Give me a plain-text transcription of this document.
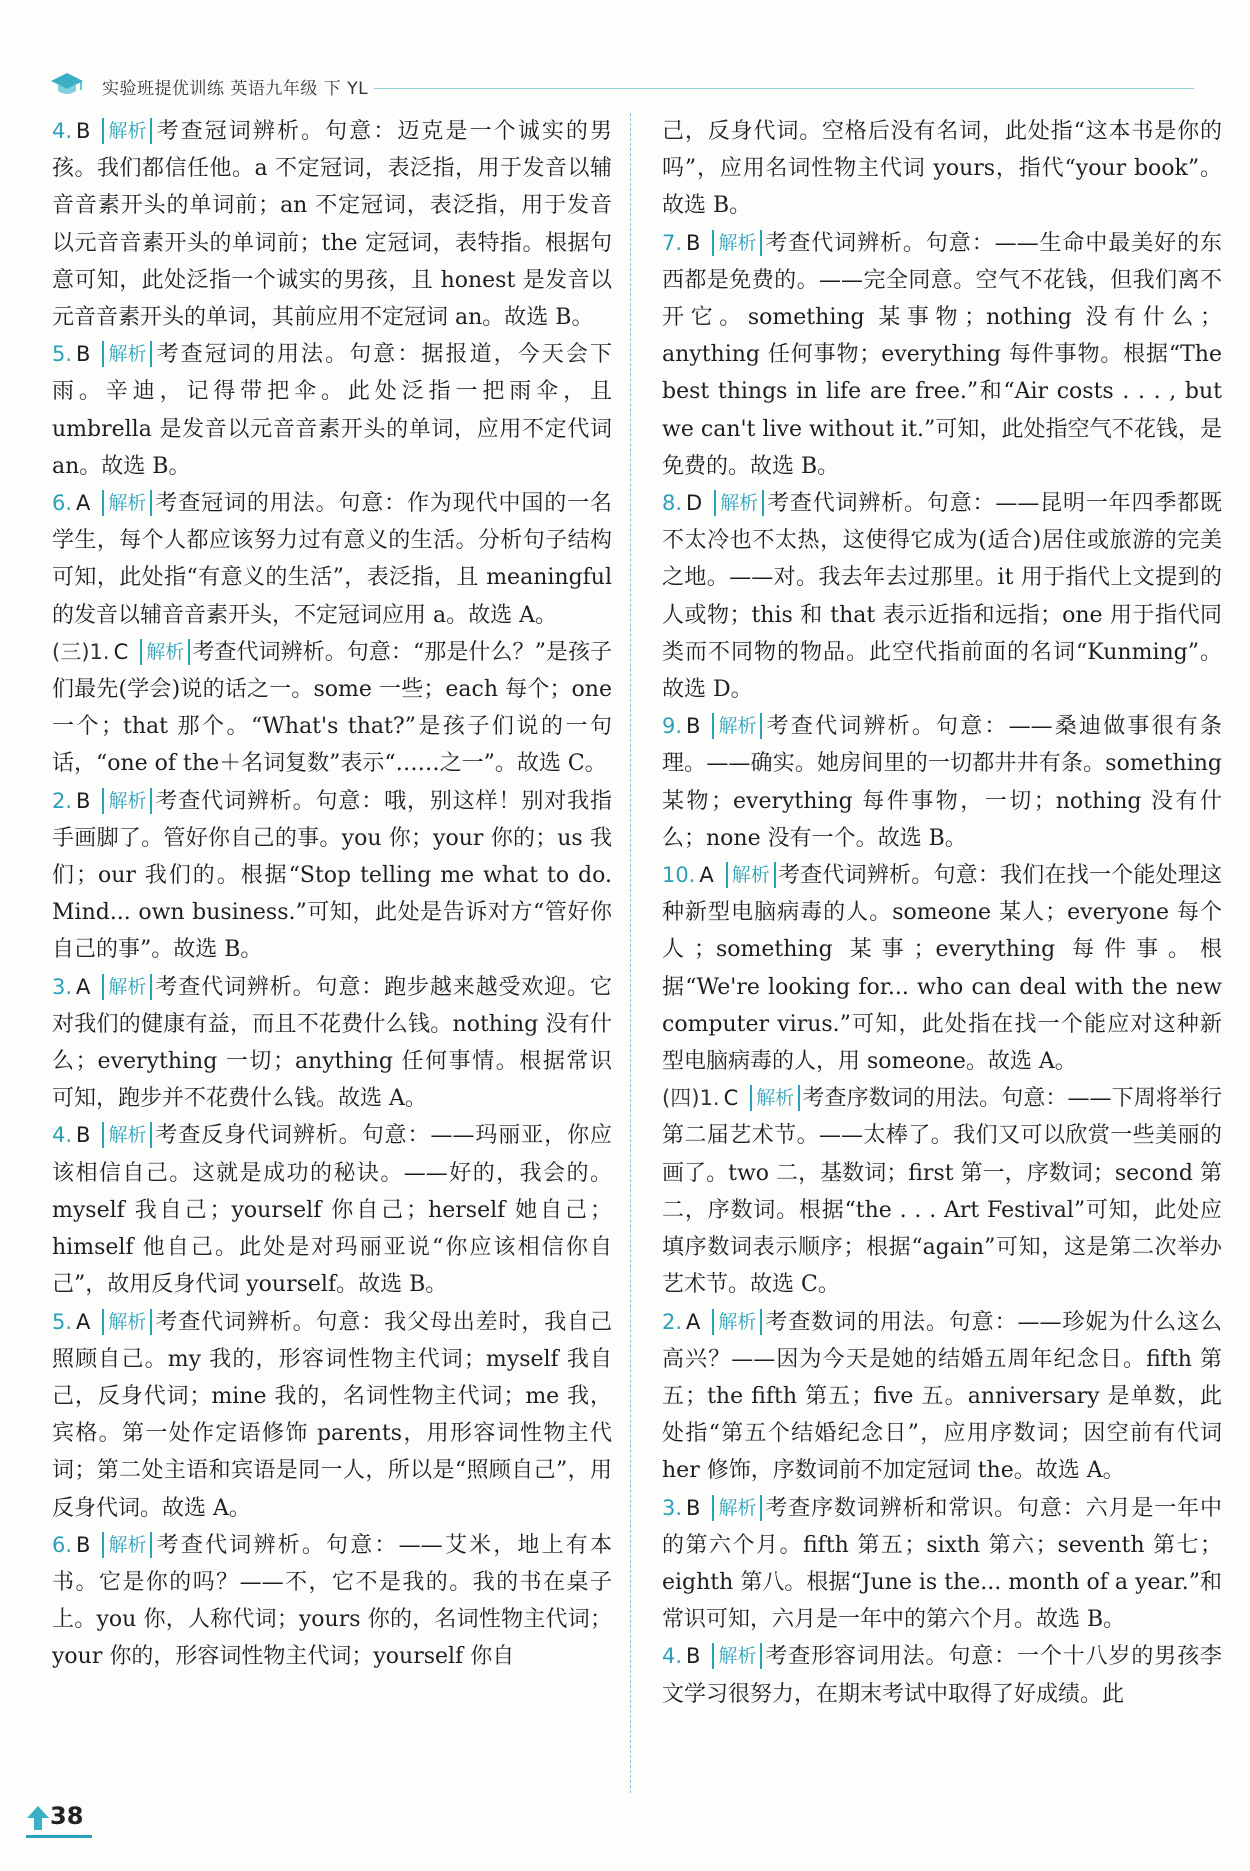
实验班提优训练 英语九年级 下 YL

4. B 解析 考查冠词辨析。句意：迈克是一个诚实的男孩。我们都信任他。a 不定冠词，表泛指，用于发音以辅音音素开头的单词前；an 不定冠词，表泛指，用于发音以元音音素开头的单词前；the 定冠词，表特指。根据句意可知，此处泛指一个诚实的男孩，且 honest 是发音以元音音素开头的单词，其前应用不定冠词 an。故选 B。

5. B 解析 考查冠词的用法。句意：据报道，今天会下雨。辛迪，记得带把伞。此处泛指一把雨伞，且 umbrella 是发音以元音音素开头的单词，应用不定代词 an。故选 B。

6. A 解析 考查冠词的用法。句意：作为现代中国的一名学生，每个人都应该努力过有意义的生活。分析句子结构可知，此处指“有意义的生活”，表泛指，且 meaningful 的发音以辅音音素开头，不定冠词应用 a。故选 A。

(三)1. C 解析 考查代词辨析。句意：“那是什么？”是孩子们最先(学会)说的话之一。some 一些；each 每个；one 一个；that 那个。“What's that?”是孩子们说的一句话，“one of the＋名词复数”表示“……之一”。故选 C。

2. B 解析 考查代词辨析。句意：哦，别这样！别对我指手画脚了。管好你自己的事。you 你；your 你的；us 我们；our 我们的。根据“Stop telling me what to do. Mind... own business.”可知，此处是告诉对方“管好你自己的事”。故选 B。

3. A 解析 考查代词辨析。句意：跑步越来越受欢迎。它对我们的健康有益，而且不花费什么钱。nothing 没有什么；everything 一切；anything 任何事情。根据常识可知，跑步并不花费什么钱。故选 A。

4. B 解析 考查反身代词辨析。句意：——玛丽亚，你应该相信自己。这就是成功的秘诀。——好的，我会的。myself 我自己；yourself 你自己；herself 她自己；himself 他自己。此处是对玛丽亚说“你应该相信你自己”，故用反身代词 yourself。故选 B。

5. A 解析 考查代词辨析。句意：我父母出差时，我自己照顾自己。my 我的，形容词性物主代词；myself 我自己，反身代词；mine 我的，名词性物主代词；me 我，宾格。第一处作定语修饰 parents，用形容词性物主代词；第二处主语和宾语是同一人，所以是“照顾自己”，用反身代词。故选 A。

6. B 解析 考查代词辨析。句意：——艾米，地上有本书。它是你的吗？——不，它不是我的。我的书在桌子上。you 你，人称代词；yours 你的，名词性物主代词；your 你的，形容词性物主代词；yourself 你自

己，反身代词。空格后没有名词，此处指“这本书是你的吗”，应用名词性物主代词 yours，指代“your book”。故选 B。

7. B 解析 考查代词辨析。句意：——生命中最美好的东西都是免费的。——完全同意。空气不花钱，但我们离不开它。something 某事物；nothing 没有什么；anything 任何事物；everything 每件事物。根据“The best things in life are free.”和“Air costs . . . , but we can't live without it.”可知，此处指空气不花钱，是免费的。故选 B。

8. D 解析 考查代词辨析。句意：——昆明一年四季都既不太冷也不太热，这使得它成为(适合)居住或旅游的完美之地。——对。我去年去过那里。it 用于指代上文提到的人或物；this 和 that 表示近指和远指；one 用于指代同类而不同物的物品。此空代指前面的名词“Kunming”。故选 D。

9. B 解析 考查代词辨析。句意：——桑迪做事很有条理。——确实。她房间里的一切都井井有条。something 某物；everything 每件事物，一切；nothing 没有什么；none 没有一个。故选 B。

10. A 解析 考查代词辨析。句意：我们在找一个能处理这种新型电脑病毒的人。someone 某人；everyone 每个人；something 某事；everything 每件事。根据“We're looking for... who can deal with the new computer virus.”可知，此处指在找一个能应对这种新型电脑病毒的人，用 someone。故选 A。

(四)1. C 解析 考查序数词的用法。句意：——下周将举行第二届艺术节。——太棒了。我们又可以欣赏一些美丽的画了。two 二，基数词；first 第一，序数词；second 第二，序数词。根据“the . . . Art Festival”可知，此处应填序数词表示顺序；根据“again”可知，这是第二次举办艺术节。故选 C。

2. A 解析 考查数词的用法。句意：——珍妮为什么这么高兴？——因为今天是她的结婚五周年纪念日。fifth 第五；the fifth 第五；five 五。anniversary 是单数，此处指“第五个结婚纪念日”，应用序数词；因空前有代词 her 修饰，序数词前不加定冠词 the。故选 A。

3. B 解析 考查序数词辨析和常识。句意：六月是一年中的第六个月。fifth 第五；sixth 第六；seventh 第七；eighth 第八。根据“June is the... month of a year.”和常识可知，六月是一年中的第六个月。故选 B。

4. B 解析 考查形容词用法。句意：一个十八岁的男孩李文学习很努力，在期末考试中取得了好成绩。此

38
